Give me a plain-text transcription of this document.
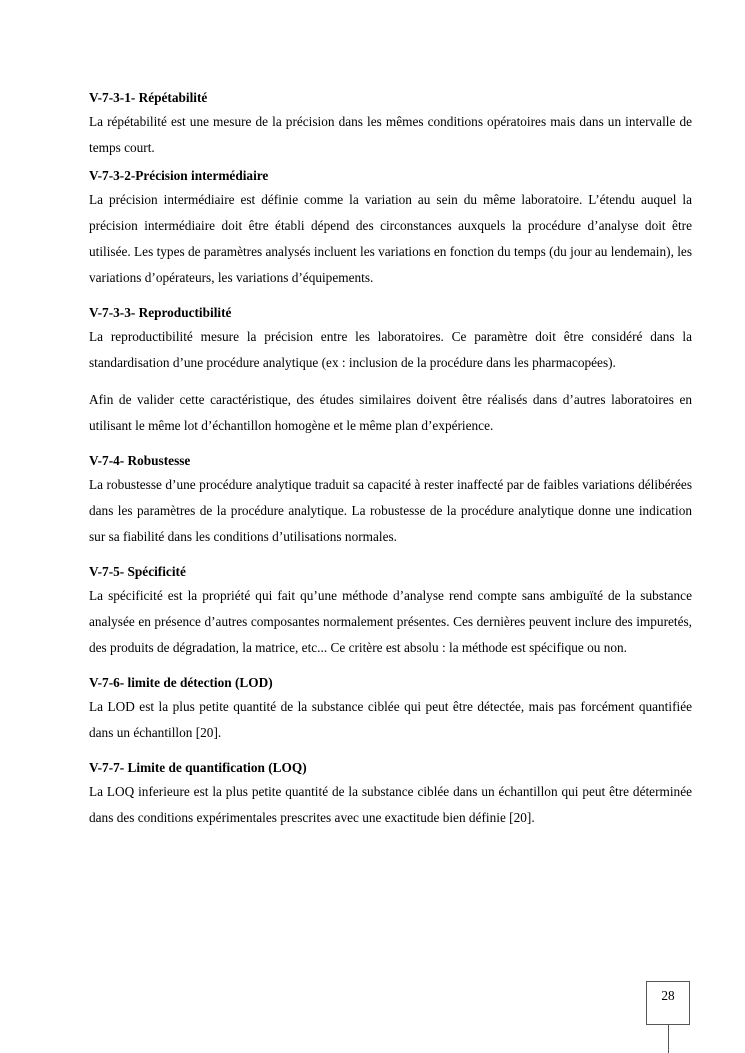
V-7-3-1- Répétabilité

La répétabilité est une mesure de la précision dans les mêmes conditions opératoires mais dans un intervalle de temps court.

V-7-3-2-Précision intermédiaire

La précision intermédiaire est définie comme la variation au sein du même laboratoire. L’étendu auquel la précision intermédiaire doit être établi dépend des circonstances auxquels la procédure d’analyse doit être utilisée. Les types de paramètres analysés incluent les variations en fonction du temps (du jour au lendemain), les variations d’opérateurs, les variations d’équipements.

V-7-3-3- Reproductibilité

La reproductibilité mesure la précision entre les laboratoires. Ce paramètre doit être considéré dans la standardisation d’une procédure analytique (ex : inclusion de la procédure dans les pharmacopées).

Afin de valider cette caractéristique, des études similaires doivent être réalisés dans d’autres laboratoires en utilisant le même lot d’échantillon homogène et le même plan d’expérience.

V-7-4- Robustesse

La robustesse d’une procédure analytique traduit sa capacité à rester inaffecté par de faibles variations délibérées dans les paramètres de la procédure analytique. La robustesse de la procédure analytique donne une indication sur sa fiabilité dans les conditions d’utilisations normales.

V-7-5- Spécificité

La spécificité est la propriété qui fait qu’une méthode d’analyse rend compte sans ambiguïté de la substance analysée en présence d’autres composantes normalement présentes. Ces dernières peuvent inclure des impuretés, des produits de dégradation, la matrice, etc... Ce critère est absolu : la méthode est spécifique ou non.

V-7-6- limite de détection (LOD)

La LOD est la plus petite quantité de la substance ciblée qui peut être détectée, mais pas forcément quantifiée dans un échantillon [20].

V-7-7- Limite de quantification (LOQ)

La LOQ inferieure est la plus petite quantité de la substance ciblée dans un échantillon qui peut être déterminée dans des conditions expérimentales prescrites avec une exactitude bien définie [20].

28
